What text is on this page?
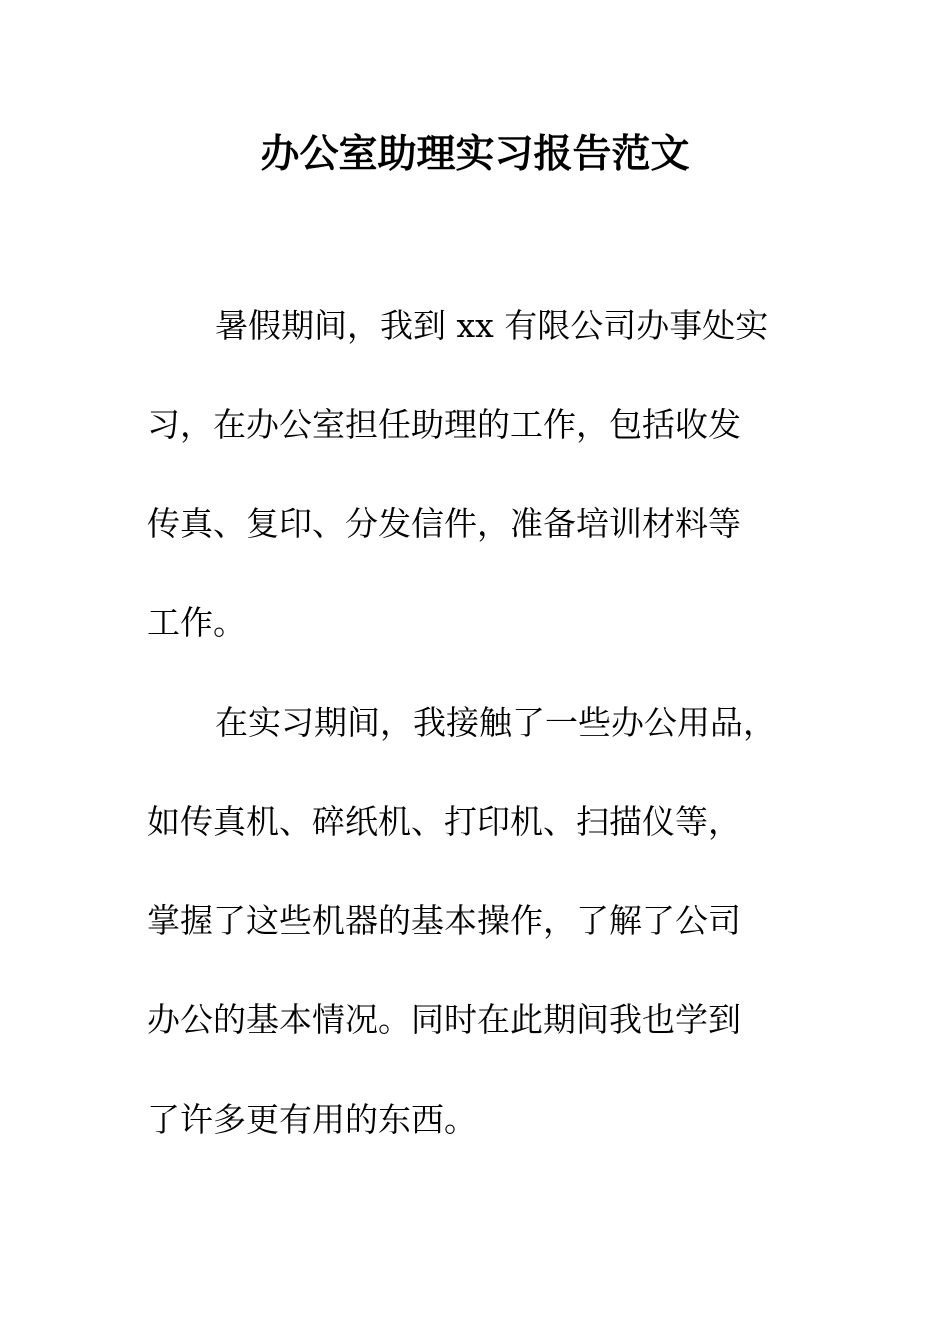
办公室助理实习报告范文

暑假期间，我到 xx 有限公司办事处实

习，在办公室担任助理的工作，包括收发

传真、复印、分发信件，准备培训材料等

工作。

在实习期间，我接触了一些办公用品，

如传真机、碎纸机、打印机、扫描仪等，

掌握了这些机器的基本操作，了解了公司

办公的基本情况。同时在此期间我也学到

了许多更有用的东西。
